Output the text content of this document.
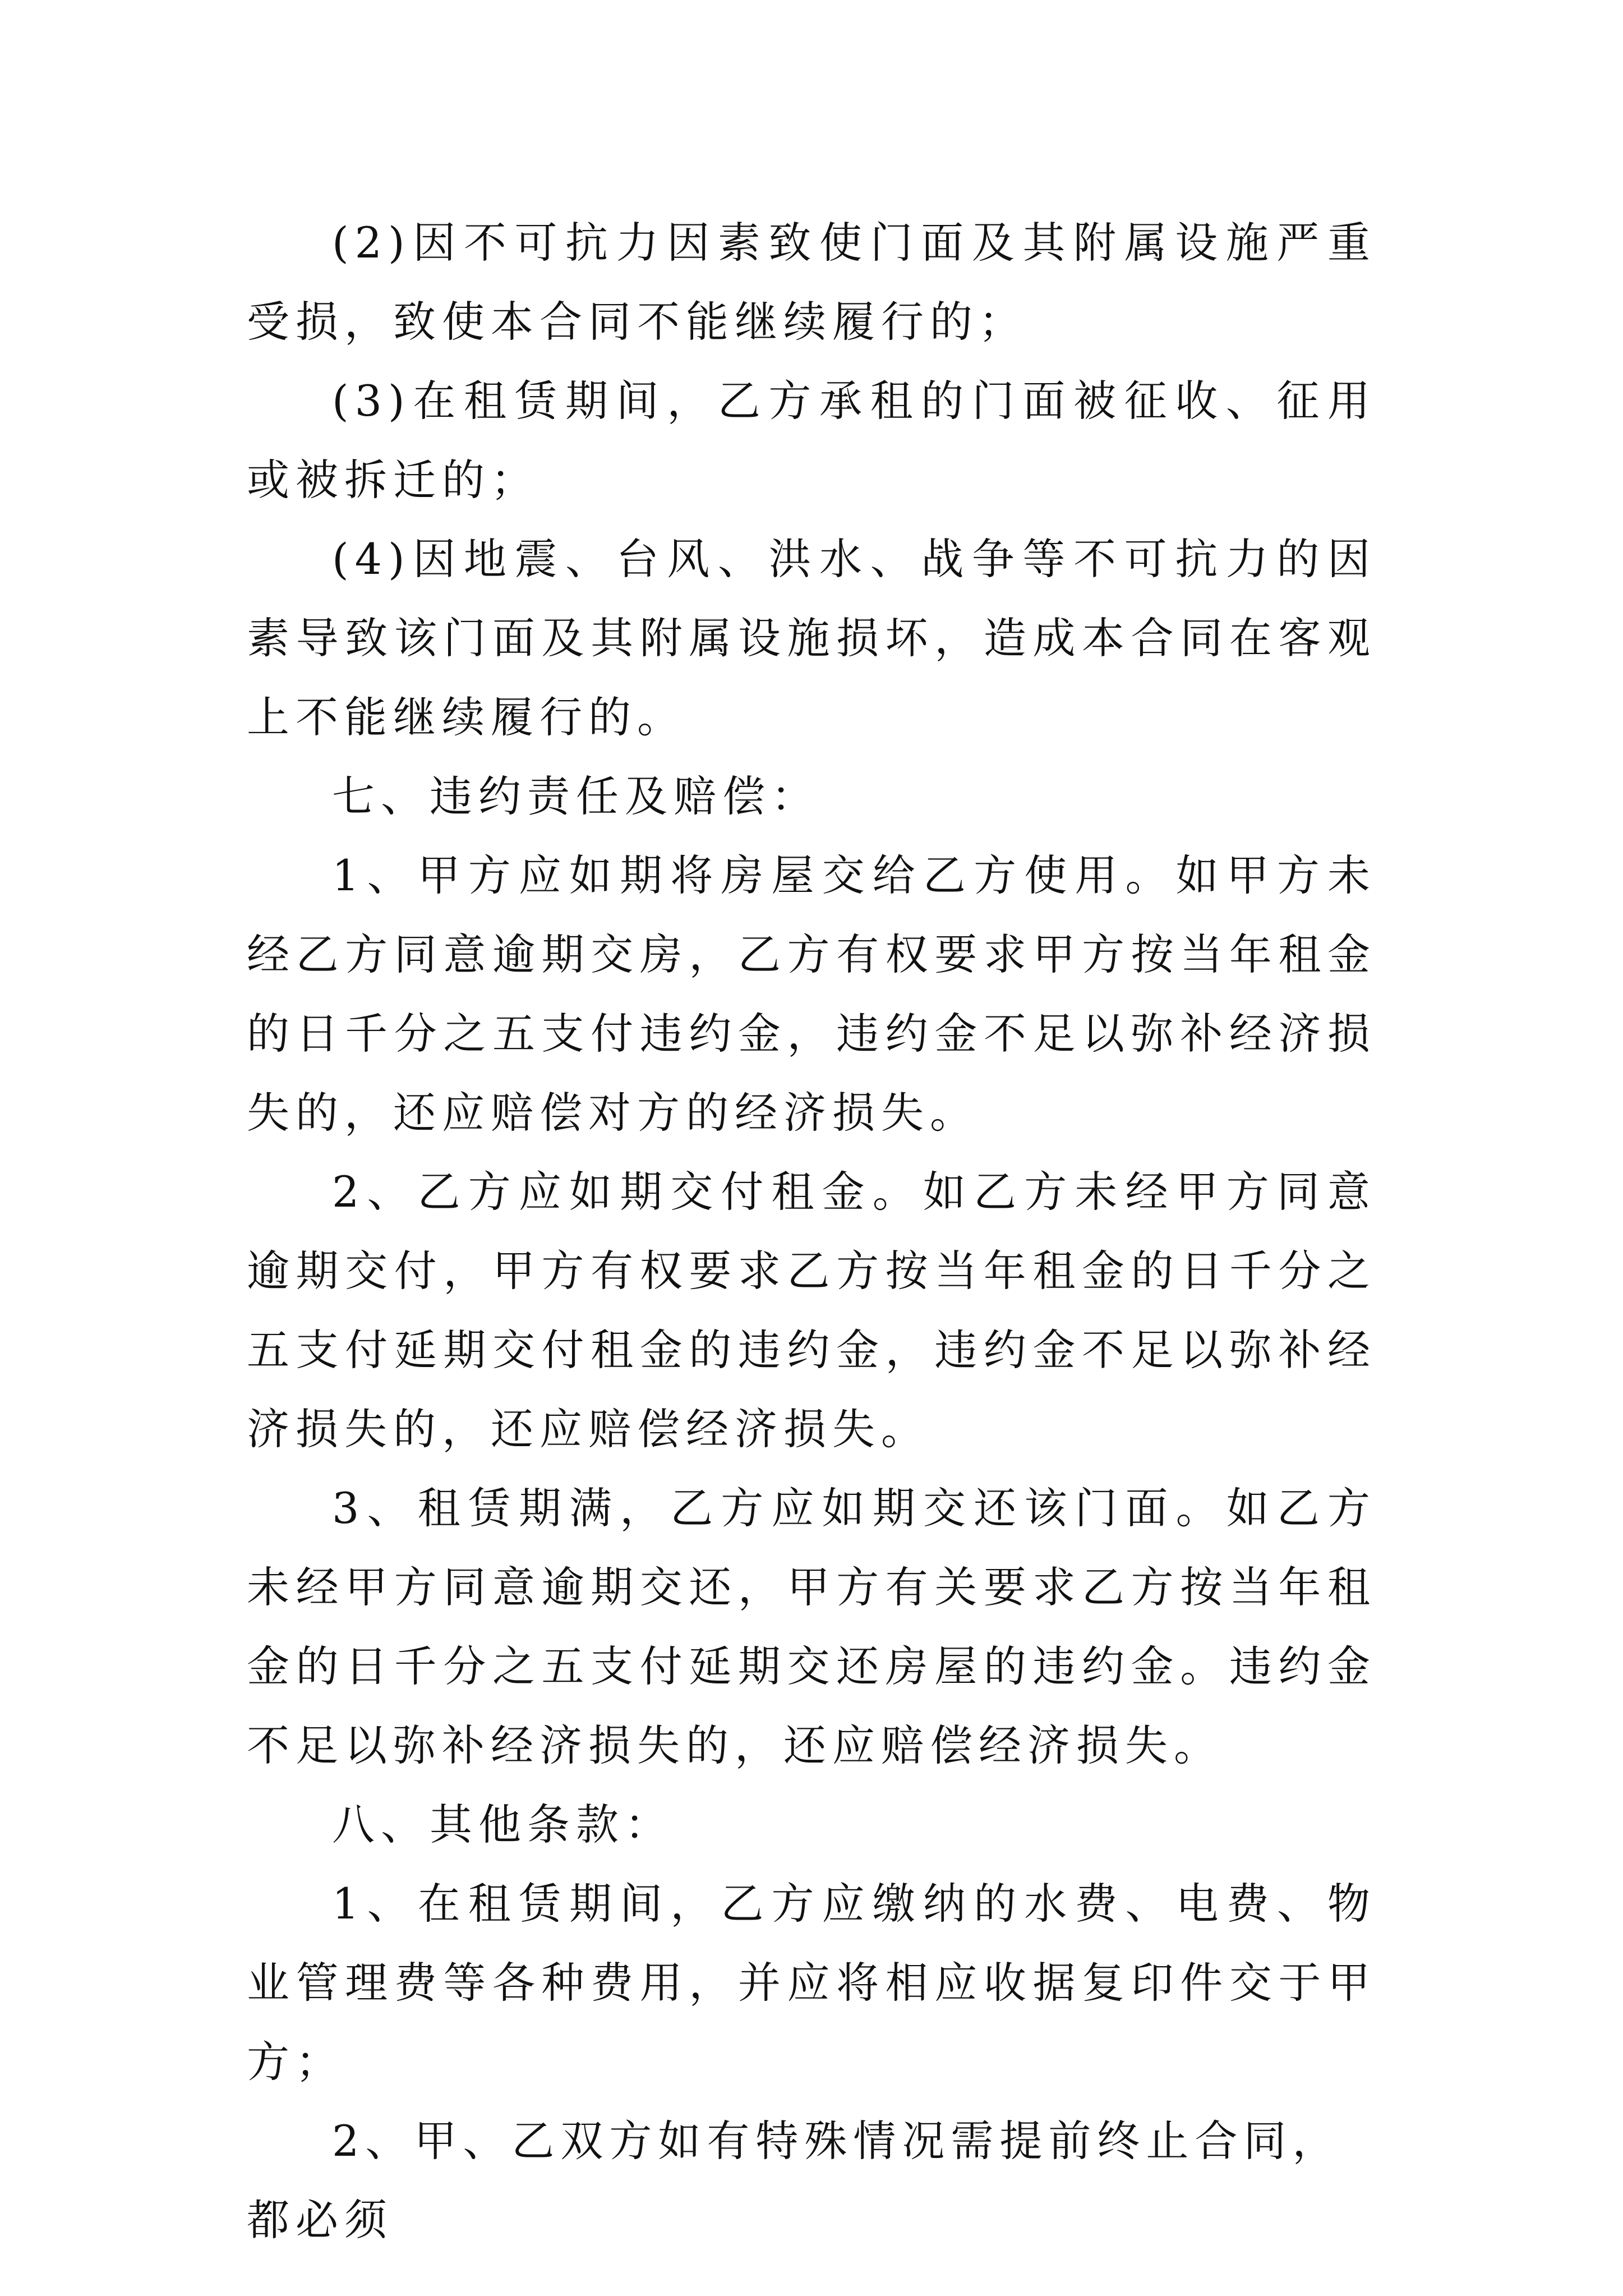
(2)因不可抗力因素致使门面及其附属设施严重受损，致使本合同不能继续履行的；

(3)在租赁期间，乙方承租的门面被征收、征用或被拆迁的；

(4)因地震、台风、洪水、战争等不可抗力的因素导致该门面及其附属设施损坏，造成本合同在客观上不能继续履行的。

七、违约责任及赔偿：

1、甲方应如期将房屋交给乙方使用。如甲方未经乙方同意逾期交房，乙方有权要求甲方按当年租金的日千分之五支付违约金，违约金不足以弥补经济损失的，还应赔偿对方的经济损失。

2、乙方应如期交付租金。如乙方未经甲方同意逾期交付，甲方有权要求乙方按当年租金的日千分之五支付延期交付租金的违约金，违约金不足以弥补经济损失的，还应赔偿经济损失。

3、租赁期满，乙方应如期交还该门面。如乙方未经甲方同意逾期交还，甲方有关要求乙方按当年租金的日千分之五支付延期交还房屋的违约金。违约金不足以弥补经济损失的，还应赔偿经济损失。

八、其他条款：

1、在租赁期间，乙方应缴纳的水费、电费、物业管理费等各种费用，并应将相应收据复印件交于甲方；

2、甲、乙双方如有特殊情况需提前终止合同，都必须
